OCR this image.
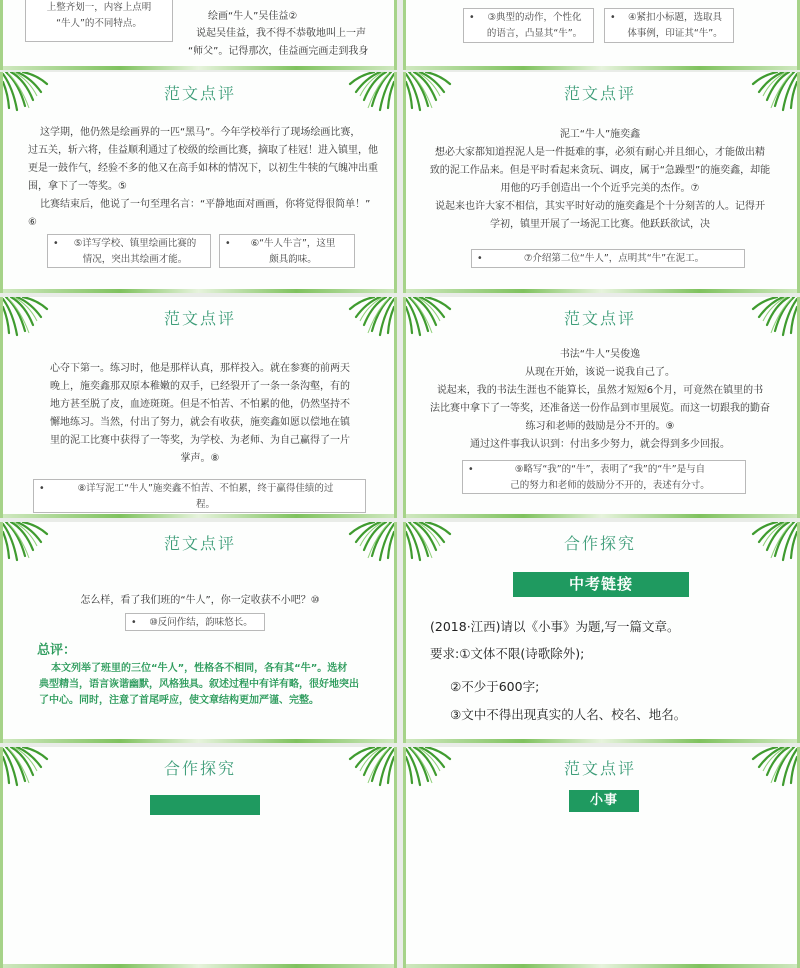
上整齐划一，内容上点明
“牛人”的不同特点。
绘画“牛人”吴佳益②
说起吴佳益，我不得不恭敬地叫上一声
“师父”。记得那次，佳益画完画走到我身
•	③典型的动作，个性化
的语言，凸显其“牛”。
•	④紧扣小标题，选取具
体事例，印证其“牛”。
范文点评
这学期，他仍然是绘画界的一匹“黑马”。今年学校举行了现场绘画比赛，
过五关，斩六将，佳益顺利通过了校级的绘画比赛，摘取了桂冠！进入镇里，他
更是一鼓作气，经验不多的他又在高手如林的情况下，以初生牛犊的气魄冲出重
围，拿下了一等奖。⑤
比赛结束后，他说了一句至理名言：“平静地面对画画，你将觉得很简单！”
⑥
•	⑤详写学校、镇里绘画比赛的
情况，突出其绘画才能。
•	⑥“牛人牛言”，这里
颇具韵味。
范文点评
泥工“牛人”施奕鑫
想必大家都知道捏泥人是一件挺难的事，必须有耐心并且细心，才能做出精
致的泥工作品来。但是平时看起来贪玩、调皮，属于“急躁型”的施奕鑫，却能
用他的巧手创造出一个个近乎完美的杰作。⑦
说起来也许大家不相信，其实平时好动的施奕鑫是个十分刻苦的人。记得开
学初，镇里开展了一场泥工比赛。他跃跃欲试，决
•	⑦介绍第二位“牛人”，点明其“牛”在泥工。
范文点评
心夺下第一。练习时，他是那样认真，那样投入。就在参赛的前两天
晚上，施奕鑫那双原本稚嫩的双手，已经裂开了一条一条沟壑，有的
地方甚至脱了皮，血迹斑斑。但是不怕苦、不怕累的他，仍然坚持不
懈地练习。当然，付出了努力，就会有收获，施奕鑫如愿以偿地在镇
里的泥工比赛中获得了一等奖，为学校、为老师、为自己赢得了一片
掌声。⑧
•	⑧详写泥工“牛人”施奕鑫不怕苦、不怕累，终于赢得佳绩的过
程。
范文点评
书法“牛人”吴俊逸
从现在开始，该说一说我自己了。
说起来，我的书法生涯也不能算长，虽然才短短6个月，可竟然在镇里的书
法比赛中拿下了一等奖，还准备送一份作品到市里展览。而这一切跟我的勤奋
练习和老师的鼓励是分不开的。⑨
通过这件事我认识到：付出多少努力，就会得到多少回报。
•	⑨略写“我”的“牛”，表明了“我”的“牛”是与自
己的努力和老师的鼓励分不开的，表述有分寸。
范文点评
怎么样，看了我们班的“牛人”，你一定收获不小吧？⑩
•	⑩反问作结，韵味悠长。
总评：
本文列举了班里的三位“牛人”，性格各不相同，各有其“牛”。选材
典型精当，语言诙谐幽默，风格独具。叙述过程中有详有略，很好地突出
了中心。同时，注意了首尾呼应，使文章结构更加严谨、完整。
合作探究
中考链接
(2018·江西)请以《小事》为题,写一篇文章。
要求:①文体不限(诗歌除外);
②不少于600字;
③文中不得出现真实的人名、校名、地名。
合作探究	范文点评
小事
